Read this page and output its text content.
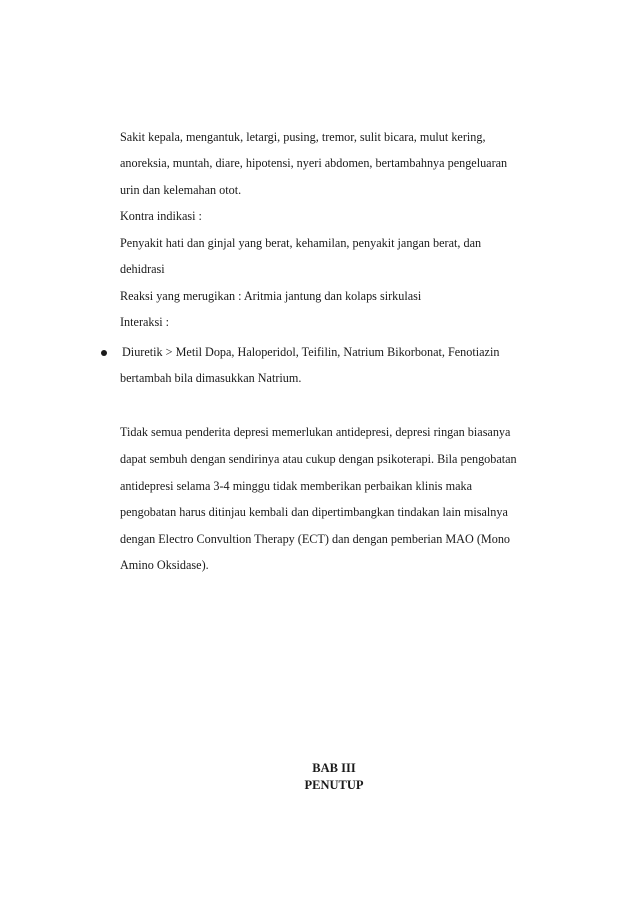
Sakit kepala, mengantuk, letargi, pusing, tremor, sulit bicara, mulut kering,
anoreksia, muntah, diare, hipotensi, nyeri abdomen, bertambahnya pengeluaran
urin dan kelemahan otot.
Kontra indikasi :
Penyakit hati dan ginjal yang berat, kehamilan, penyakit jangan berat, dan
dehidrasi
Reaksi yang merugikan : Aritmia jantung dan kolaps sirkulasi
Interaksi :
Diuretik > Metil Dopa, Haloperidol, Teifilin, Natrium Bikorbonat, Fenotiazin
bertambah bila dimasukkan Natrium.
Tidak semua penderita depresi memerlukan antidepresi, depresi ringan biasanya
dapat sembuh dengan sendirinya atau cukup dengan psikoterapi. Bila pengobatan
antidepresi selama 3-4 minggu tidak memberikan perbaikan klinis maka
pengobatan harus ditinjau kembali dan dipertimbangkan tindakan lain misalnya
dengan Electro Convultion Therapy (ECT) dan dengan pemberian MAO (Mono
Amino Oksidase).
BAB III
PENUTUP
